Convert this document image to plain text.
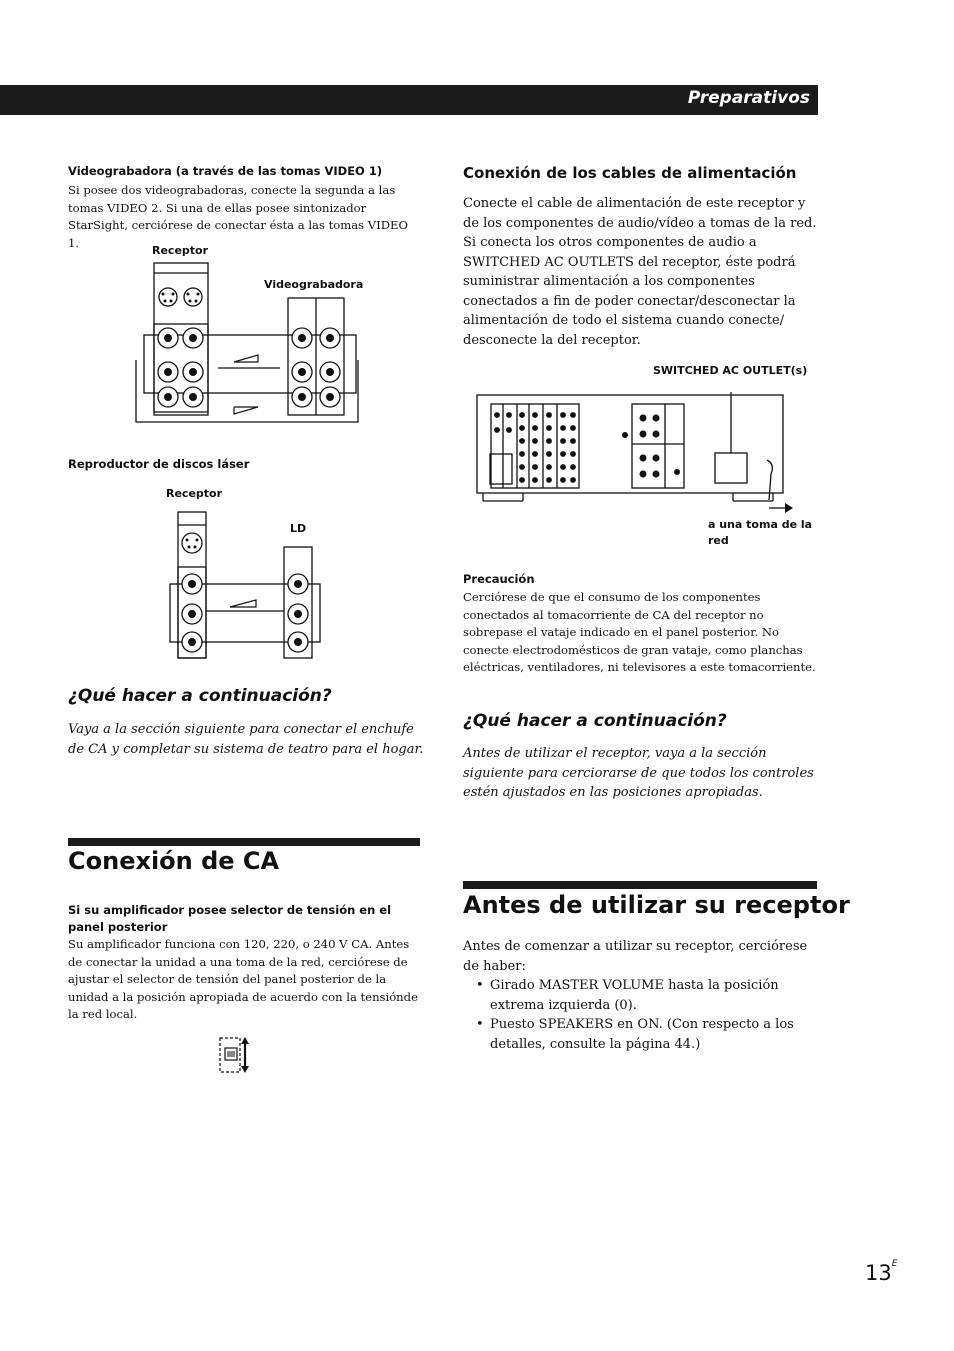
Preparativos
Videograbadora (a través de las tomas VIDEO 1)
Si posee dos videograbadoras, conecte la segunda a las tomas VIDEO 2. Si una de ellas posee sintonizador StarSight, cerciórese de conectar ésta a las tomas VIDEO 1.
Receptor
Videograbadora
Reproductor de discos láser
Receptor
LD
¿Qué hacer a continuación?
Vaya a la sección siguiente para conectar el enchufe de CA y completar su sistema de teatro para el hogar.
Conexión de los cables de alimentación
Conecte el cable de alimentación de este receptor y de los componentes de audio/vídeo a tomas de la red. Si conecta los otros componentes de audio a SWITCHED AC OUTLETS del receptor, éste podrá suministrar alimentación a los componentes conectados a fin de poder conectar/desconectar la alimentación de todo el sistema cuando conecte/ desconecte la del receptor.
SWITCHED AC OUTLET(s)
a una toma de la red
Precaución
Cerciórese de que el consumo de los componentes conectados al tomacorriente de CA del receptor no sobrepase el vataje indicado en el panel posterior. No conecte electrodomésticos de gran vataje, como planchas eléctricas, ventiladores, ni televisores a este tomacorriente.
¿Qué hacer a continuación?
Antes de utilizar el receptor, vaya a la sección siguiente para cerciorarse de que todos los controles estén ajustados en las posiciones apropiadas.
Conexión de CA
Si su amplificador posee selector de tensión en el panel posterior
Su amplificador funciona con 120, 220, o 240 V CA. Antes de conectar la unidad a una toma de la red, cerciórese de ajustar el selector de tensión del panel posterior de la unidad a la posición apropiada de acuerdo con la tensiónde la red local.
Antes de utilizar su receptor
Antes de comenzar a utilizar su receptor, cerciórese de haber:
• Girado MASTER VOLUME hasta la posición extrema izquierda (0).
• Puesto SPEAKERS en ON. (Con respecto a los detalles, consulte la página 44.)
$13^E$
